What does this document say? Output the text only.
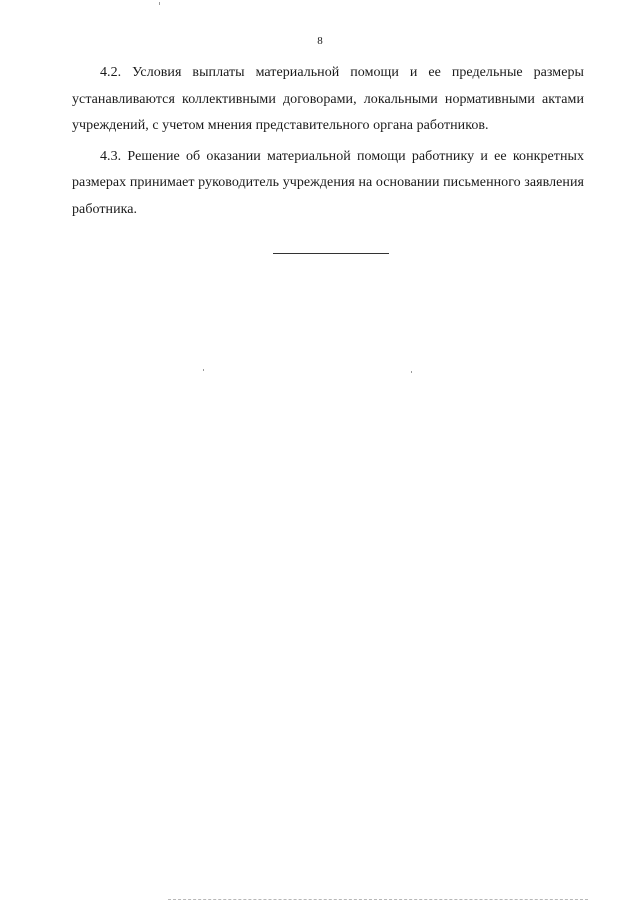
8

4.2. Условия выплаты материальной помощи и ее предельные размеры устанавливаются коллективными договорами, локальными нормативными актами учреждений, с учетом мнения представительного органа работников.

4.3. Решение об оказании материальной помощи работнику и ее конкретных размерах принимает руководитель учреждения на основании письменного заявления работника.
